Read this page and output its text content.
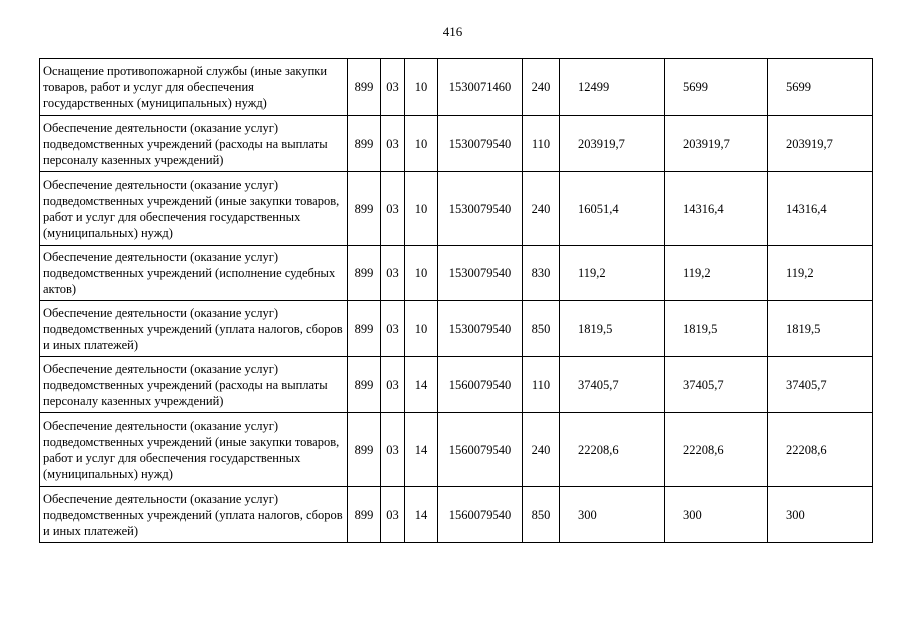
416
Оснащение противопожарной службы (иные закупки товаров, работ и услуг для обеспечения государственных (муниципальных) нужд)	899	03	10	1530071460	240	12499	5699	5699
Обеспечение деятельности (оказание услуг) подведомственных учреждений (расходы на выплаты персоналу казенных учреждений)	899	03	10	1530079540	110	203919,7	203919,7	203919,7
Обеспечение деятельности (оказание услуг) подведомственных учреждений (иные закупки товаров, работ и услуг для обеспечения государственных (муниципальных) нужд)	899	03	10	1530079540	240	16051,4	14316,4	14316,4
Обеспечение деятельности (оказание услуг) подведомственных учреждений (исполнение судебных актов)	899	03	10	1530079540	830	119,2	119,2	119,2
Обеспечение деятельности (оказание услуг) подведомственных учреждений (уплата налогов, сборов и иных платежей)	899	03	10	1530079540	850	1819,5	1819,5	1819,5
Обеспечение деятельности (оказание услуг) подведомственных учреждений (расходы на выплаты персоналу казенных учреждений)	899	03	14	1560079540	110	37405,7	37405,7	37405,7
Обеспечение деятельности (оказание услуг) подведомственных учреждений (иные закупки товаров, работ и услуг для обеспечения государственных (муниципальных) нужд)	899	03	14	1560079540	240	22208,6	22208,6	22208,6
Обеспечение деятельности (оказание услуг) подведомственных учреждений (уплата налогов, сборов и иных платежей)	899	03	14	1560079540	850	300	300	300
